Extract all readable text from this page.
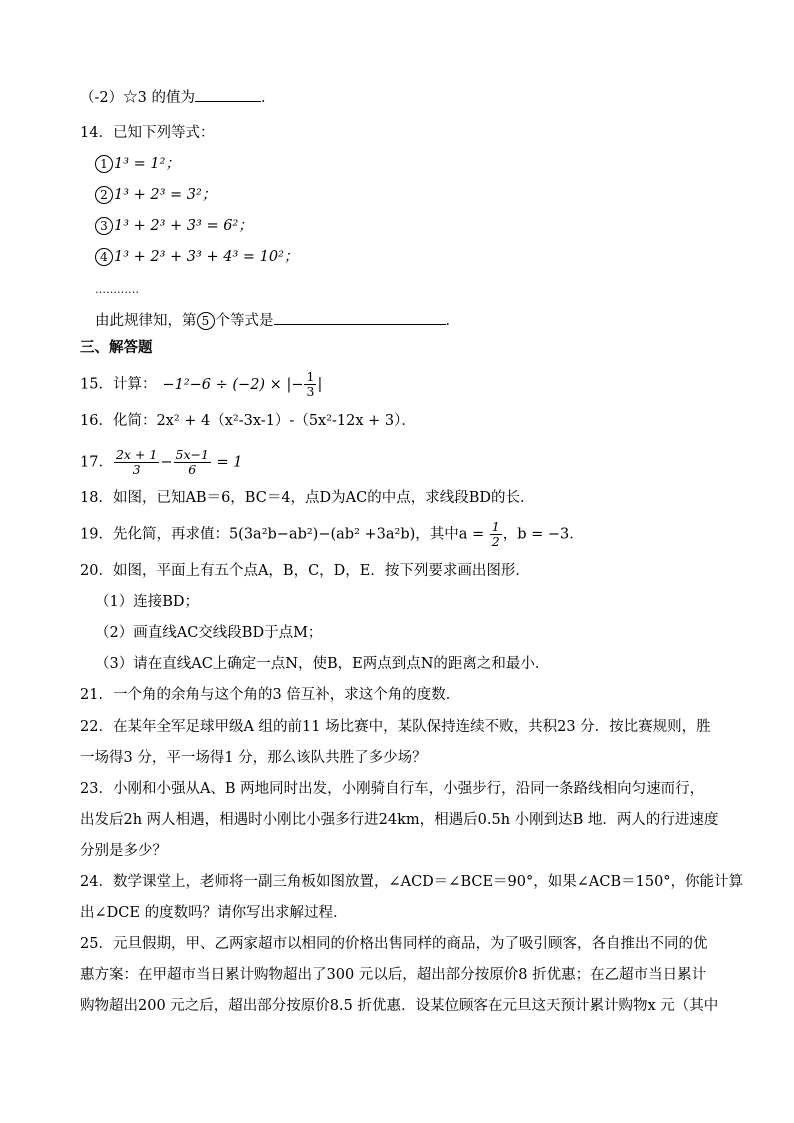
（-2）☆3 的值为	．
14．已知下列等式：
1 1³ = 1²；
2 1³ + 2³ = 3²；
3 1³ + 2³ + 3³ = 6²；
4 1³ + 2³ + 3³ + 4³ = 10²；
…………
由此规律知，第 5 个等式是	．
三、解答题
15．计算： −1²−6 ÷ (−2) × |− $\frac{1}{3}$ |
16．化简：2x² + 4（x²-3x-1）-（5x²-12x + 3）．
17． $\frac{2x + 1}{3} - \frac{5x-1}{6} = 1$
18．如图，已知AB＝6，BC＝4，点D为AC的中点，求线段BD的长．
19．先化简，再求值：5(3a²b−ab²)−(ab² +3a²b)，其中$a = \frac{1}{2}$ ，b = −3．
20．如图，平面上有五个点A，B，C，D，E．按下列要求画出图形．
（1）连接BD；
（2）画直线AC交线段BD于点M；
（3）请在直线AC上确定一点N，使B，E两点到点N的距离之和最小．
21．一个角的余角与这个角的3 倍互补，求这个角的度数．
22．在某年全军足球甲级A 组的前11 场比赛中，某队保持连续不败，共积23 分．按比赛规则，胜
一场得3 分，平一场得1 分，那么该队共胜了多少场？
23．小刚和小强从A、B 两地同时出发，小刚骑自行车，小强步行，沿同一条路线相向匀速而行，
出发后2h 两人相遇，相遇时小刚比小强多行进24km，相遇后0.5h 小刚到达B 地．两人的行进速度
分别是多少？
24．数学课堂上，老师将一副三角板如图放置，∠ACD＝∠BCE＝90°，如果∠ACB＝150°，你能计算
出∠DCE 的度数吗？请你写出求解过程．
25．元旦假期，甲、乙两家超市以相同的价格出售同样的商品，为了吸引顾客，各自推出不同的优
惠方案：在甲超市当日累计购物超出了300 元以后，超出部分按原价8 折优惠；在乙超市当日累计
购物超出200 元之后，超出部分按原价8.5 折优惠．设某位顾客在元旦这天预计累计购物x 元（其中
